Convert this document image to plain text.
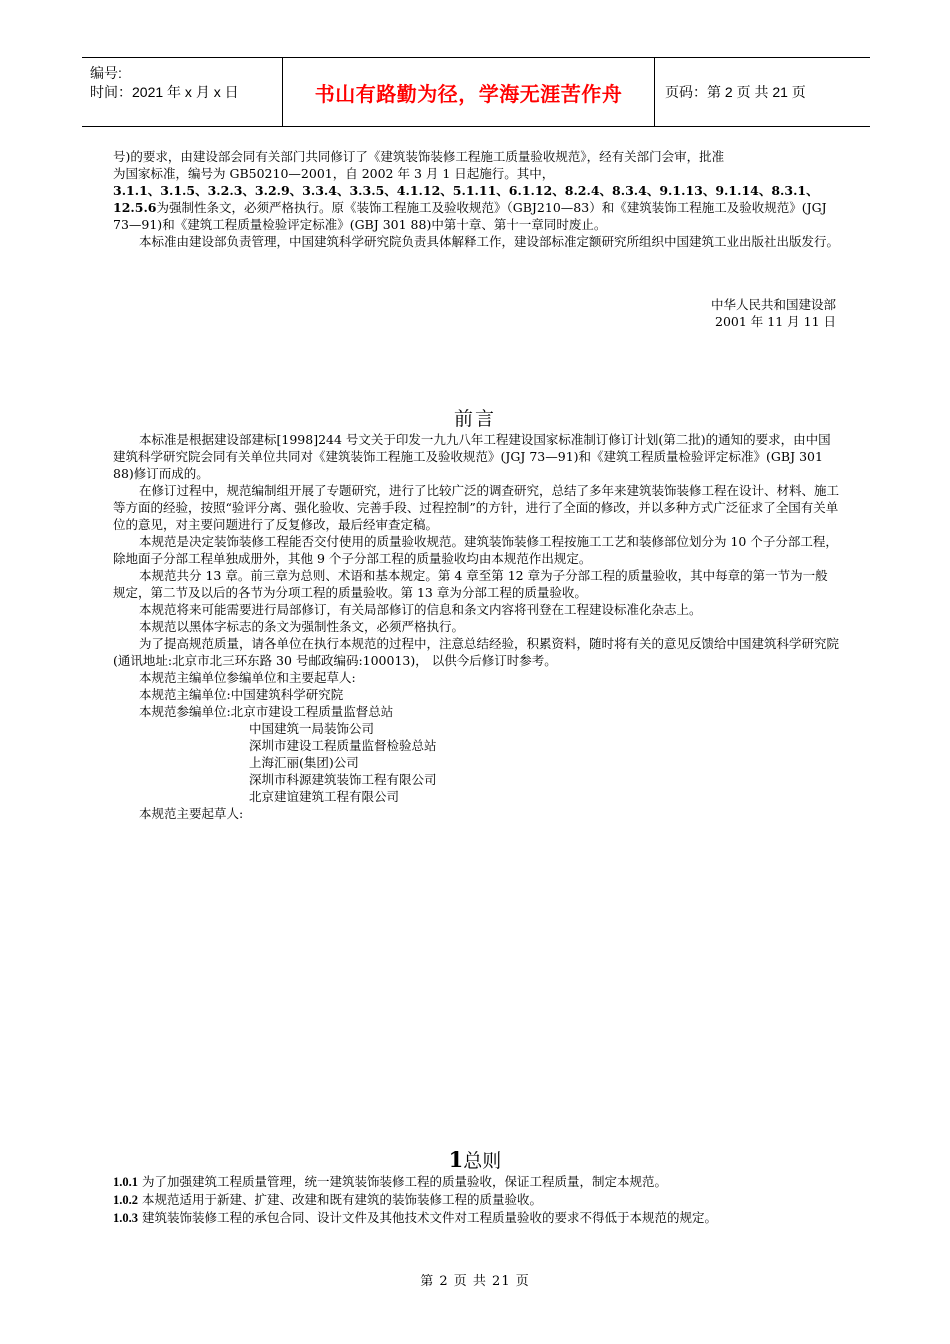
编号:
时间：2021 年 x 月 x 日	书山有路勤为径，学海无涯苦作舟	页码：第 2 页 共 21 页

号)的要求，由建设部会同有关部门共同修订了《建筑装饰装修工程施工质量验收规范》，经有关部门会审，批准

为国家标准，编号为 GB50210—2001，自 2002 年 3 月 1 日起施行。其中，

3.1.1、3.1.5、3.2.3、3.2.9、3.3.4、3.3.5、4.1.12、5.1.11、6.1.12、8.2.4、8.3.4、9.1.13、9.1.14、8.3.1、12.5.6为强制性条文，必须严格执行。原《装饰工程施工及验收规范》（GBJ210—83）和《建筑装饰工程施工及验收规范》(JGJ 73—91)和《建筑工程质量检验评定标准》(GBJ 301 88)中第十章、第十一章同时废止。

本标准由建设部负责管理，中国建筑科学研究院负责具体解释工作，建设部标准定额研究所组织中国建筑工业出版社出版发行。

中华人民共和国建设部
2001 年 11 月 11 日
前言

本标准是根据建设部建标[1998]244 号文关于印发一九九八年工程建设国家标准制订修订计划(第二批)的通知的要求，由中国建筑科学研究院会同有关单位共同对《建筑装饰工程施工及验收规范》(JGJ 73—91)和《建筑工程质量检验评定标准》(GBJ 301 88)修订而成的。

在修订过程中，规范编制组开展了专题研究，进行了比较广泛的调查研究，总结了多年来建筑装饰装修工程在设计、材料、施工等方面的经验，按照“验评分离、强化验收、完善手段、过程控制”的方针，进行了全面的修改，并以多种方式广泛征求了全国有关单位的意见，对主要问题进行了反复修改，最后经审查定稿。

本规范是决定装饰装修工程能否交付使用的质量验收规范。建筑装饰装修工程按施工工艺和装修部位划分为 10 个子分部工程，除地面子分部工程单独成册外，其他 9 个子分部工程的质量验收均由本规范作出规定。

本规范共分 13 章。前三章为总则、术语和基本规定。第 4 章至第 12 章为子分部工程的质量验收，其中每章的第一节为一般规定，第二节及以后的各节为分项工程的质量验收。第 13 章为分部工程的质量验收。

本规范将来可能需要进行局部修订，有关局部修订的信息和条文内容将刊登在工程建设标准化杂志上。

本规范以黑体字标志的条文为强制性条文，必须严格执行。

为了提高规范质量，请各单位在执行本规范的过程中，注意总结经验，积累资料，随时将有关的意见反馈给中国建筑科学研究院(通讯地址:北京市北三环东路 30 号邮政编码:100013)， 以供今后修订时参考。

本规范主编单位参编单位和主要起草人:

本规范主编单位:中国建筑科学研究院

本规范参编单位:北京市建设工程质量监督总站

中国建筑一局装饰公司

深圳市建设工程质量监督检验总站

上海汇丽(集团)公司

深圳市科源建筑装饰工程有限公司

北京建谊建筑工程有限公司

本规范主要起草人:

1总则

1.0.1 为了加强建筑工程质量管理，统一建筑装饰装修工程的质量验收，保证工程质量，制定本规范。

1.0.2 本规范适用于新建、扩建、改建和既有建筑的装饰装修工程的质量验收。

1.0.3 建筑装饰装修工程的承包合同、设计文件及其他技术文件对工程质量验收的要求不得低于本规范的规定。

第 2 页 共 21 页
